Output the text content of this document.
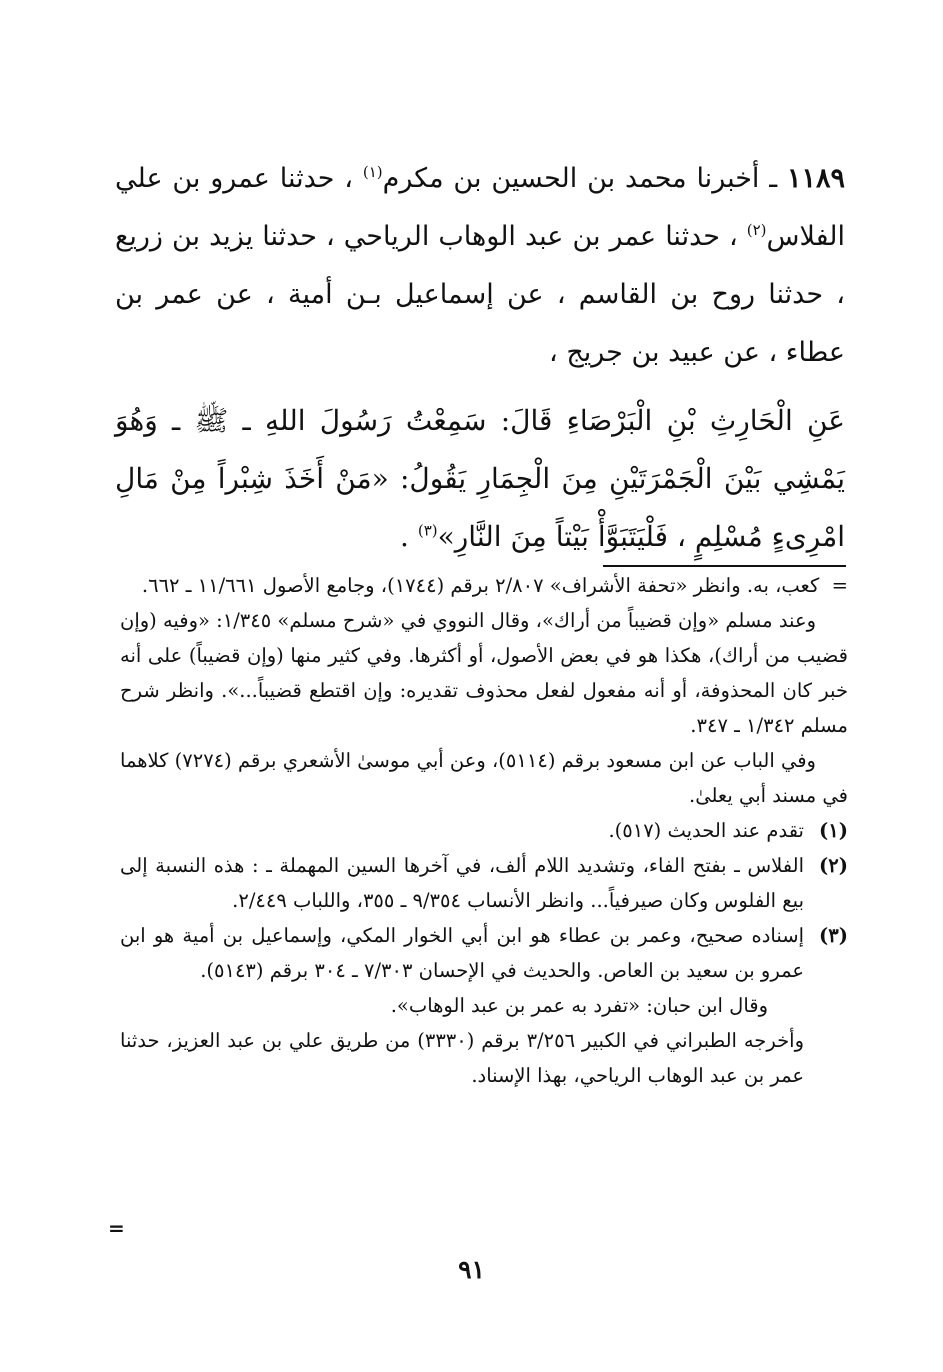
١١٨٩ ـ أخبرنا محمد بن الحسين بن مكرم$^{(١)}$ ، حدثنا عمرو بن علي الفلاس$^{(٢)}$ ، حدثنا عمر بن عبد الوهاب الرياحي ، حدثنا يزيد بن زريع ، حدثنا روح بن القاسم ، عن إسماعيل بـن أمية ، عن عمر بن عطاء ، عن عبيد بن جريج ،

عَنِ الْحَارِثِ بْنِ الْبَرْصَاءِ قَالَ: سَمِعْتُ رَسُولَ اللهِ ـ ﷺ ـ وَهُوَ يَمْشِي بَيْنَ الْجَمْرَتَيْنِ مِنَ الْجِمَارِ يَقُولُ: «مَنْ أَخَذَ شِبْراً مِنْ مَالِ امْرِىءٍ مُسْلِمٍ ، فَلْيَتَبَوَّأْ بَيْتاً مِنَ النَّارِ»$^{(٣)}$ .

=  كعب، به. وانظر «تحفة الأشراف» ٢/٨٠٧ برقم (١٧٤٤)، وجامع الأصول ١١/٦٦١ ـ ٦٦٢.

وعند مسلم «وإن قضيباً من أراك»، وقال النووي في «شرح مسلم» ١/٣٤٥: «وفيه (وإن قضيب من أراك)، هكذا هو في بعض الأصول، أو أكثرها. وفي كثير منها (وإن قضيباً) على أنه خبر كان المحذوفة، أو أنه مفعول لفعل محذوف تقديره: وإن اقتطع قضيباً...». وانظر شرح مسلم ١/٣٤٢ ـ ٣٤٧.

وفي الباب عن ابن مسعود برقم (٥١١٤)، وعن أبي موسىٰ الأشعري برقم (٧٢٧٤) كلاهما في مسند أبي يعلىٰ.

(١)
تقدم عند الحديث (٥١٧).
(٢)
الفلاس ـ بفتح الفاء، وتشديد اللام ألف، في آخرها السين المهملة ـ : هذه النسبة إلى بيع الفلوس وكان صيرفياً... وانظر الأنساب ٩/٣٥٤ ـ ٣٥٥، واللباب ٢/٤٤٩.
(٣)
إسناده صحيح، وعمر بن عطاء هو ابن أبي الخوار المكي، وإسماعيل بن أمية هو ابن عمرو بن سعيد بن العاص. والحديث في الإحسان ٧/٣٠٣ ـ ٣٠٤ برقم (٥١٤٣).

وقال ابن حبان: «تفرد به عمر بن عبد الوهاب».

وأخرجه الطبراني في الكبير ٣/٢٥٦ برقم (٣٣٣٠) من طريق علي بن عبد العزيز، حدثنا عمر بن عبد الوهاب الرياحي، بهذا الإسناد.

=
٩١
